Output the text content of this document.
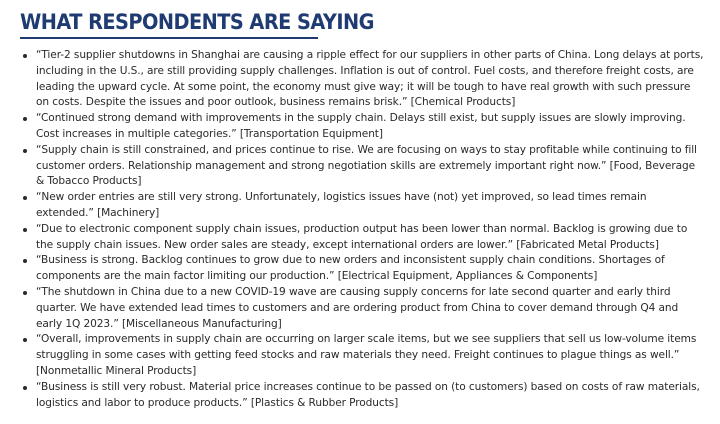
WHAT RESPONDENTS ARE SAYING
“Tier-2 supplier shutdowns in Shanghai are causing a ripple effect for our suppliers in other parts of China. Long delays at ports, including in the U.S., are still providing supply challenges. Inflation is out of control. Fuel costs, and therefore freight costs, are leading the upward cycle. At some point, the economy must give way; it will be tough to have real growth with such pressure on costs. Despite the issues and poor outlook, business remains brisk.” [Chemical Products]
“Continued strong demand with improvements in the supply chain. Delays still exist, but supply issues are slowly improving. Cost increases in multiple categories.” [Transportation Equipment]
“Supply chain is still constrained, and prices continue to rise. We are focusing on ways to stay profitable while continuing to fill customer orders. Relationship management and strong negotiation skills are extremely important right now.” [Food, Beverage & Tobacco Products]
“New order entries are still very strong. Unfortunately, logistics issues have (not) yet improved, so lead times remain extended.” [Machinery]
“Due to electronic component supply chain issues, production output has been lower than normal. Backlog is growing due to the supply chain issues. New order sales are steady, except international orders are lower.” [Fabricated Metal Products]
“Business is strong. Backlog continues to grow due to new orders and inconsistent supply chain conditions. Shortages of components are the main factor limiting our production.” [Electrical Equipment, Appliances & Components]
“The shutdown in China due to a new COVID-19 wave are causing supply concerns for late second quarter and early third quarter. We have extended lead times to customers and are ordering product from China to cover demand through Q4 and early 1Q 2023.” [Miscellaneous Manufacturing]
“Overall, improvements in supply chain are occurring on larger scale items, but we see suppliers that sell us low-volume items struggling in some cases with getting feed stocks and raw materials they need. Freight continues to plague things as well.” [Nonmetallic Mineral Products]
“Business is still very robust. Material price increases continue to be passed on (to customers) based on costs of raw materials, logistics and labor to produce products.” [Plastics & Rubber Products]
